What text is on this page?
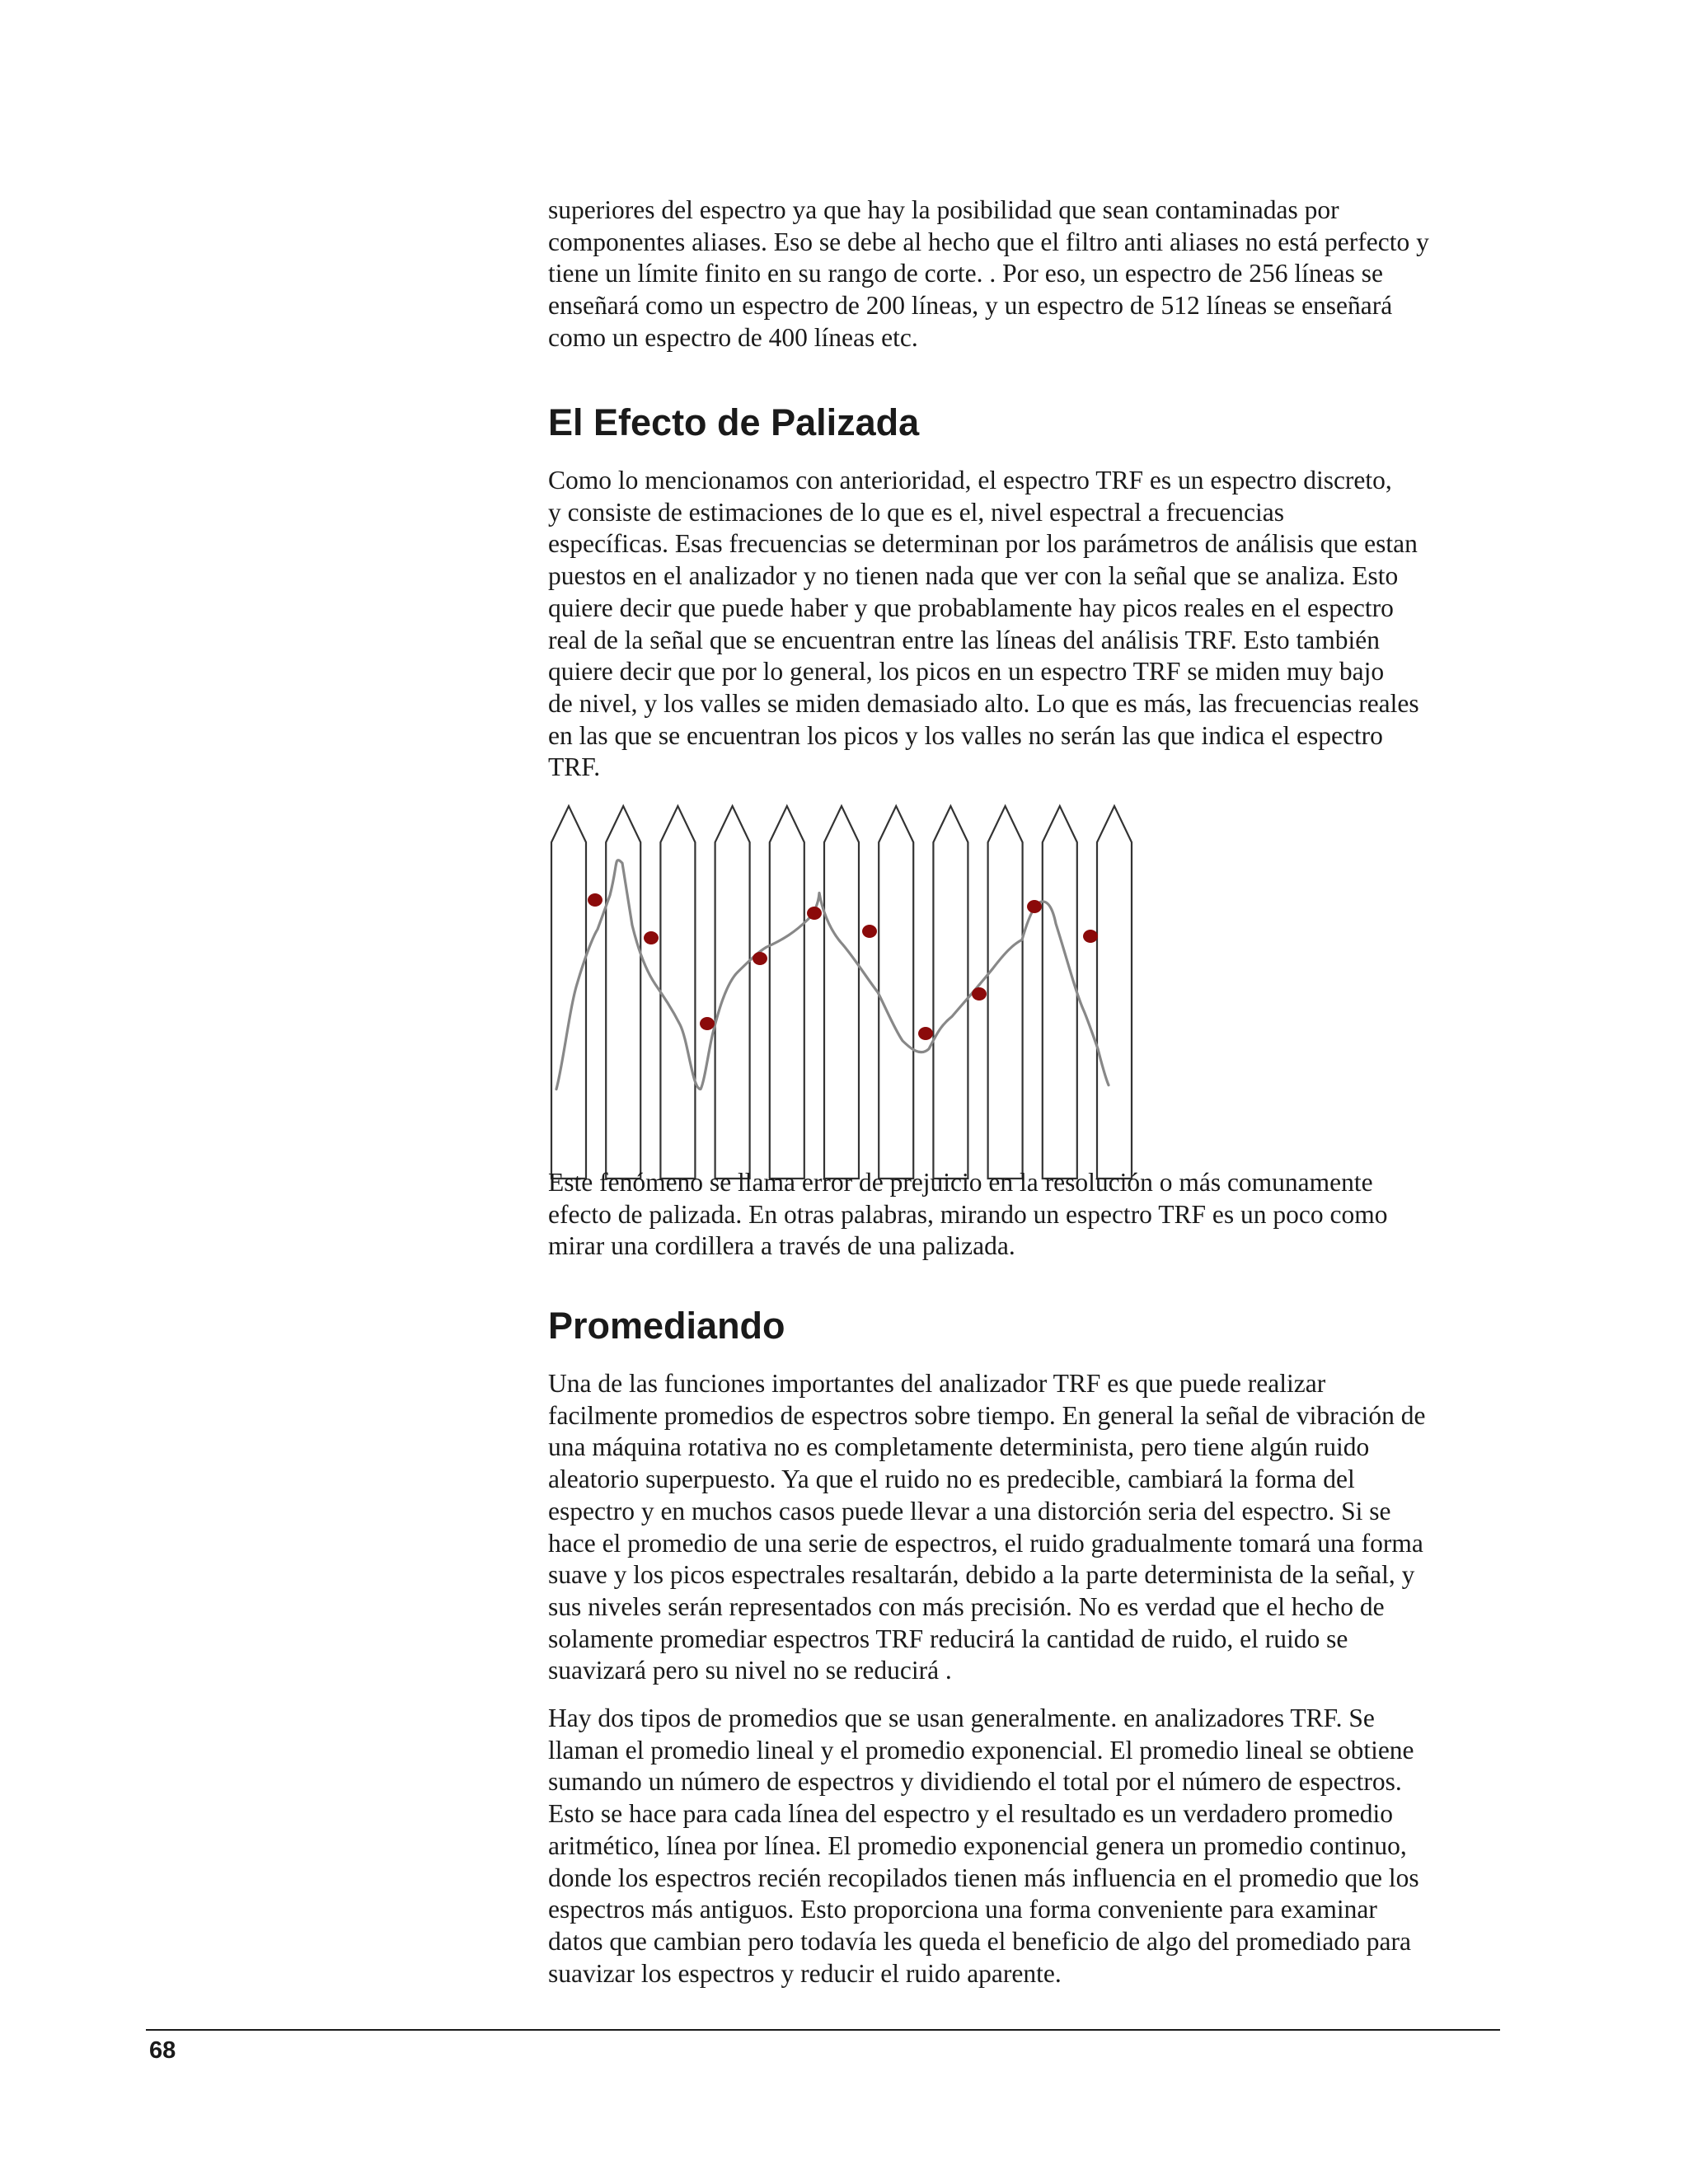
superiores del espectro ya que hay la posibilidad que sean contaminadas por
componentes aliases. Eso se debe al hecho que el filtro anti aliases no está perfecto y
tiene un límite finito en su rango de corte. . Por eso, un espectro de 256 líneas se
enseñará como un espectro de 200 líneas, y un espectro de 512 líneas se enseñará
como un espectro de 400 líneas etc.

El Efecto de Palizada

Como lo mencionamos con anterioridad, el espectro TRF es un espectro discreto,
y consiste de estimaciones de lo que es el, nivel espectral a frecuencias
específicas. Esas frecuencias se determinan por los parámetros de análisis que estan
puestos en el analizador y no tienen nada que ver con la señal que se analiza. Esto
quiere decir que puede haber y que probablamente hay picos reales en el espectro
real de la señal que se encuentran entre las líneas del análisis TRF. Esto también
quiere decir que por lo general, los picos en un espectro TRF se miden muy bajo
de nivel, y los valles se miden demasiado alto. Lo que es más, las frecuencias reales
en las que se encuentran los picos y los valles no serán las que indica el espectro
TRF.

Este fenómeno se llama error de prejuicio en la resolución o más comunamente
efecto de palizada. En otras palabras, mirando un espectro TRF es un poco como
mirar una cordillera a través de una palizada.

Promediando

Una de las funciones importantes del analizador TRF es que puede realizar
facilmente promedios de espectros sobre tiempo. En general la señal de vibración de
una máquina rotativa no es completamente determinista, pero tiene algún ruido
aleatorio superpuesto. Ya que el ruido no es predecible, cambiará la forma del
espectro y en muchos casos puede llevar a una distorción seria del espectro. Si se
hace el promedio de una serie de espectros, el ruido gradualmente tomará una forma
suave y los picos espectrales resaltarán, debido a la parte determinista de la señal, y
sus niveles serán representados con más precisión. No es verdad que el hecho de
solamente promediar espectros TRF reducirá la cantidad de ruido, el ruido se
suavizará pero su nivel no se reducirá .

Hay dos tipos de promedios que se usan generalmente. en analizadores TRF. Se
llaman el promedio lineal y el promedio exponencial. El promedio lineal se obtiene
sumando un número de espectros y dividiendo el total por el número de espectros.
Esto se hace para cada línea del espectro y el resultado es un verdadero promedio
aritmético, línea por línea. El promedio exponencial genera un promedio continuo,
donde los espectros recién recopilados tienen más influencia en el promedio que los
espectros más antiguos. Esto proporciona una forma conveniente para examinar
datos que cambian pero todavía les queda el beneficio de algo del promediado para
suavizar los espectros y reducir el ruido aparente.

68
